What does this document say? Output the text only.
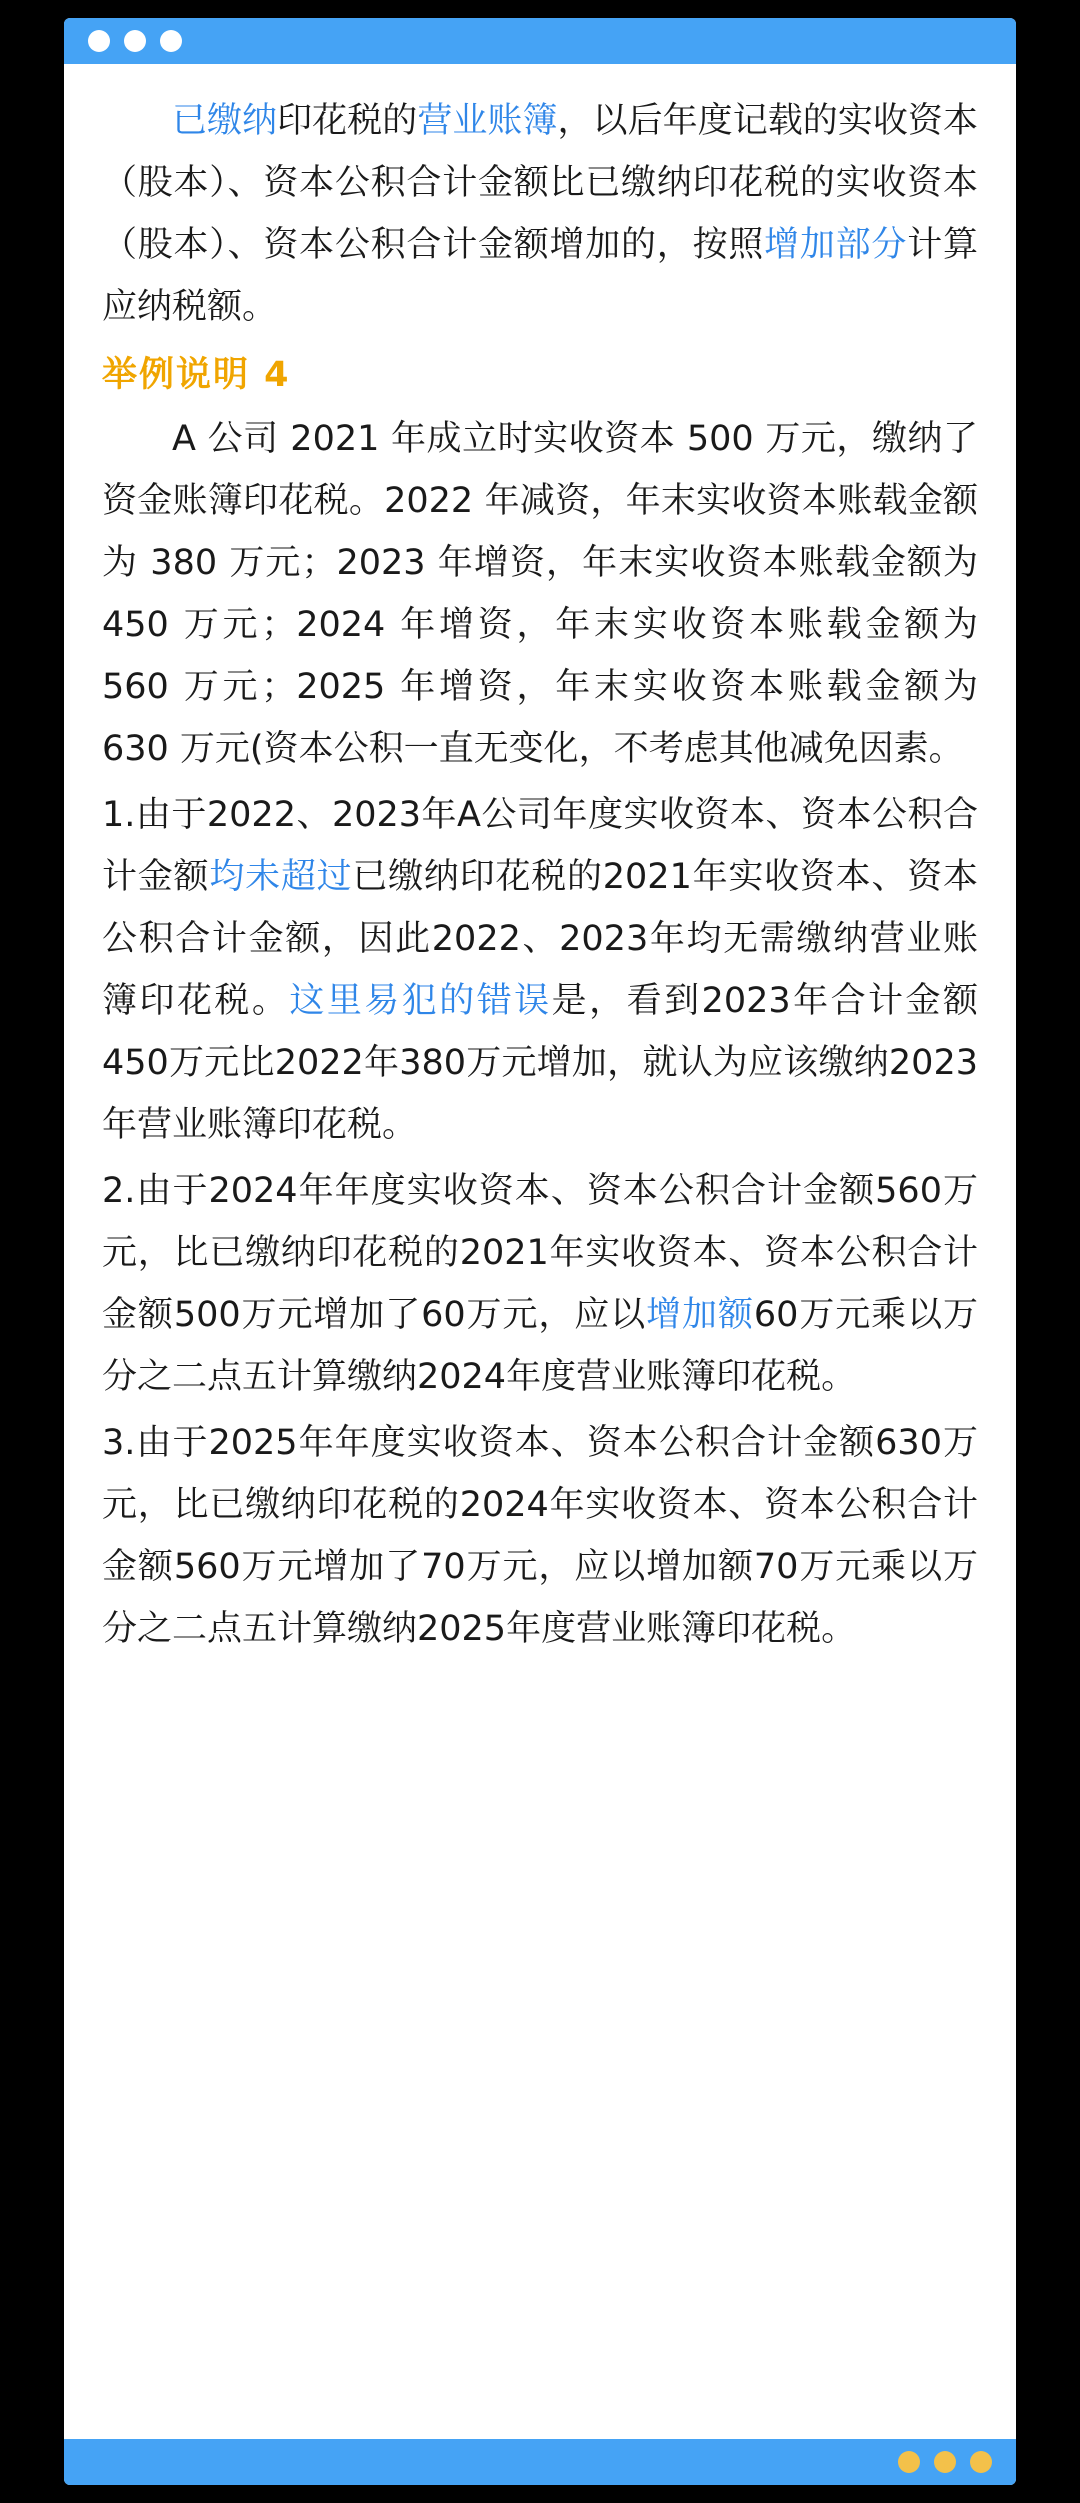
已缴纳印花税的营业账簿，以后年度记载的实收资本（股本）、资本公积合计金额比已缴纳印花税的实收资本（股本）、资本公积合计金额增加的，按照增加部分计算应纳税额。

举例说明 4

A 公司 2021 年成立时实收资本 500 万元，缴纳了资金账簿印花税。2022 年减资，年末实收资本账载金额为 380 万元；2023 年增资，年末实收资本账载金额为 450 万元；2024 年增资，年末实收资本账载金额为 560 万元；2025 年增资，年末实收资本账载金额为 630 万元(资本公积一直无变化，不考虑其他减免因素。

1.由于2022、2023年A公司年度实收资本、资本公积合计金额均未超过已缴纳印花税的2021年实收资本、资本公积合计金额，因此2022、2023年均无需缴纳营业账簿印花税。这里易犯的错误是，看到2023年合计金额450万元比2022年380万元增加，就认为应该缴纳2023年营业账簿印花税。

2.由于2024年年度实收资本、资本公积合计金额560万元，比已缴纳印花税的2021年实收资本、资本公积合计金额500万元增加了60万元，应以增加额60万元乘以万分之二点五计算缴纳2024年度营业账簿印花税。

3.由于2025年年度实收资本、资本公积合计金额630万元，比已缴纳印花税的2024年实收资本、资本公积合计金额560万元增加了70万元，应以增加额70万元乘以万分之二点五计算缴纳2025年度营业账簿印花税。
